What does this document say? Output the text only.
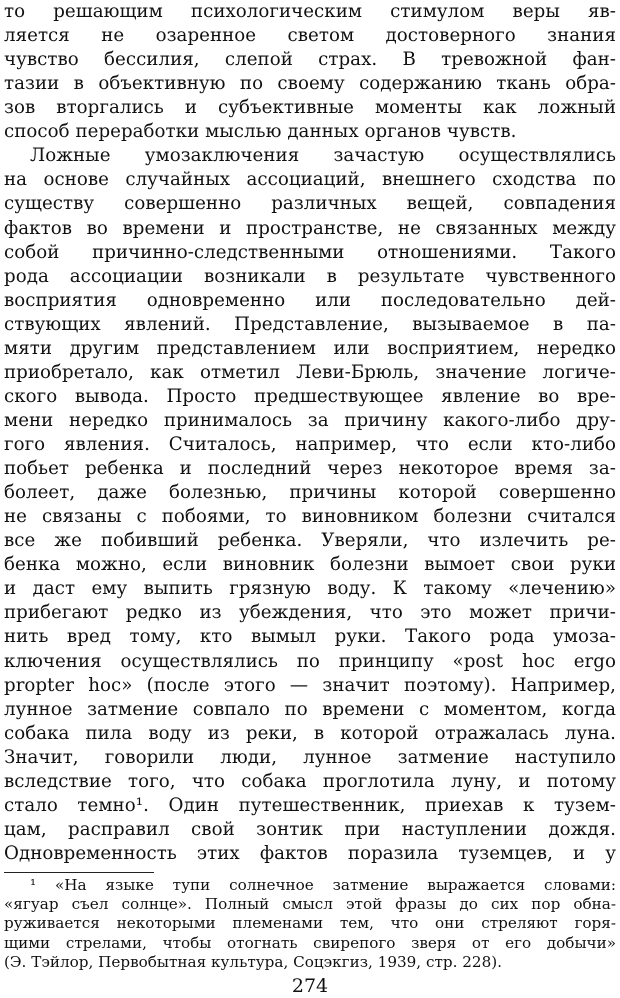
то решающим психологическим стимулом веры яв-
ляется не озаренное светом достоверного знания
чувство бессилия, слепой страх. В тревожной фан-
тазии в объективную по своему содержанию ткань обра-
зов вторгались и субъективные моменты как ложный
способ переработки мыслью данных органов чувств.
Ложные умозаключения зачастую осуществлялись
на основе случайных ассоциаций, внешнего сходства по
существу совершенно различных вещей, совпадения
фактов во времени и пространстве, не связанных между
собой причинно-следственными отношениями. Такого
рода ассоциации возникали в результате чувственного
восприятия одновременно или последовательно дей-
ствующих явлений. Представление, вызываемое в па-
мяти другим представлением или восприятием, нередко
приобретало, как отметил Леви-Брюль, значение логиче-
ского вывода. Просто предшествующее явление во вре-
мени нередко принималось за причину какого-либо дру-
гого явления. Считалось, например, что если кто-либо
побьет ребенка и последний через некоторое время за-
болеет, даже болезнью, причины которой совершенно
не связаны с побоями, то виновником болезни считался
все же побивший ребенка. Уверяли, что излечить ре-
бенка можно, если виновник болезни вымоет свои руки
и даст ему выпить грязную воду. К такому «лечению»
прибегают редко из убеждения, что это может причи-
нить вред тому, кто вымыл руки. Такого рода умоза-
ключения осуществлялись по принципу «post hoc ergo
propter hoc» (после этого — значит поэтому). Например,
лунное затмение совпало по времени с моментом, когда
собака пила воду из реки, в которой отражалась луна.
Значит, говорили люди, лунное затмение наступило
вследствие того, что собака проглотила луну, и потому
стало темно¹. Один путешественник, приехав к тузем-
цам, расправил свой зонтик при наступлении дождя.
Одновременность этих фактов поразила туземцев, и у
¹ «На языке тупи солнечное затмение выражается словами:
«ягуар съел солнце». Полный смысл этой фразы до сих пор обна-
руживается некоторыми племенами тем, что они стреляют горя-
щими стрелами, чтобы отогнать свирепого зверя от его добычи»
(Э. Тэйлор, Первобытная культура, Соцэкгиз, 1939, стр. 228).
274
